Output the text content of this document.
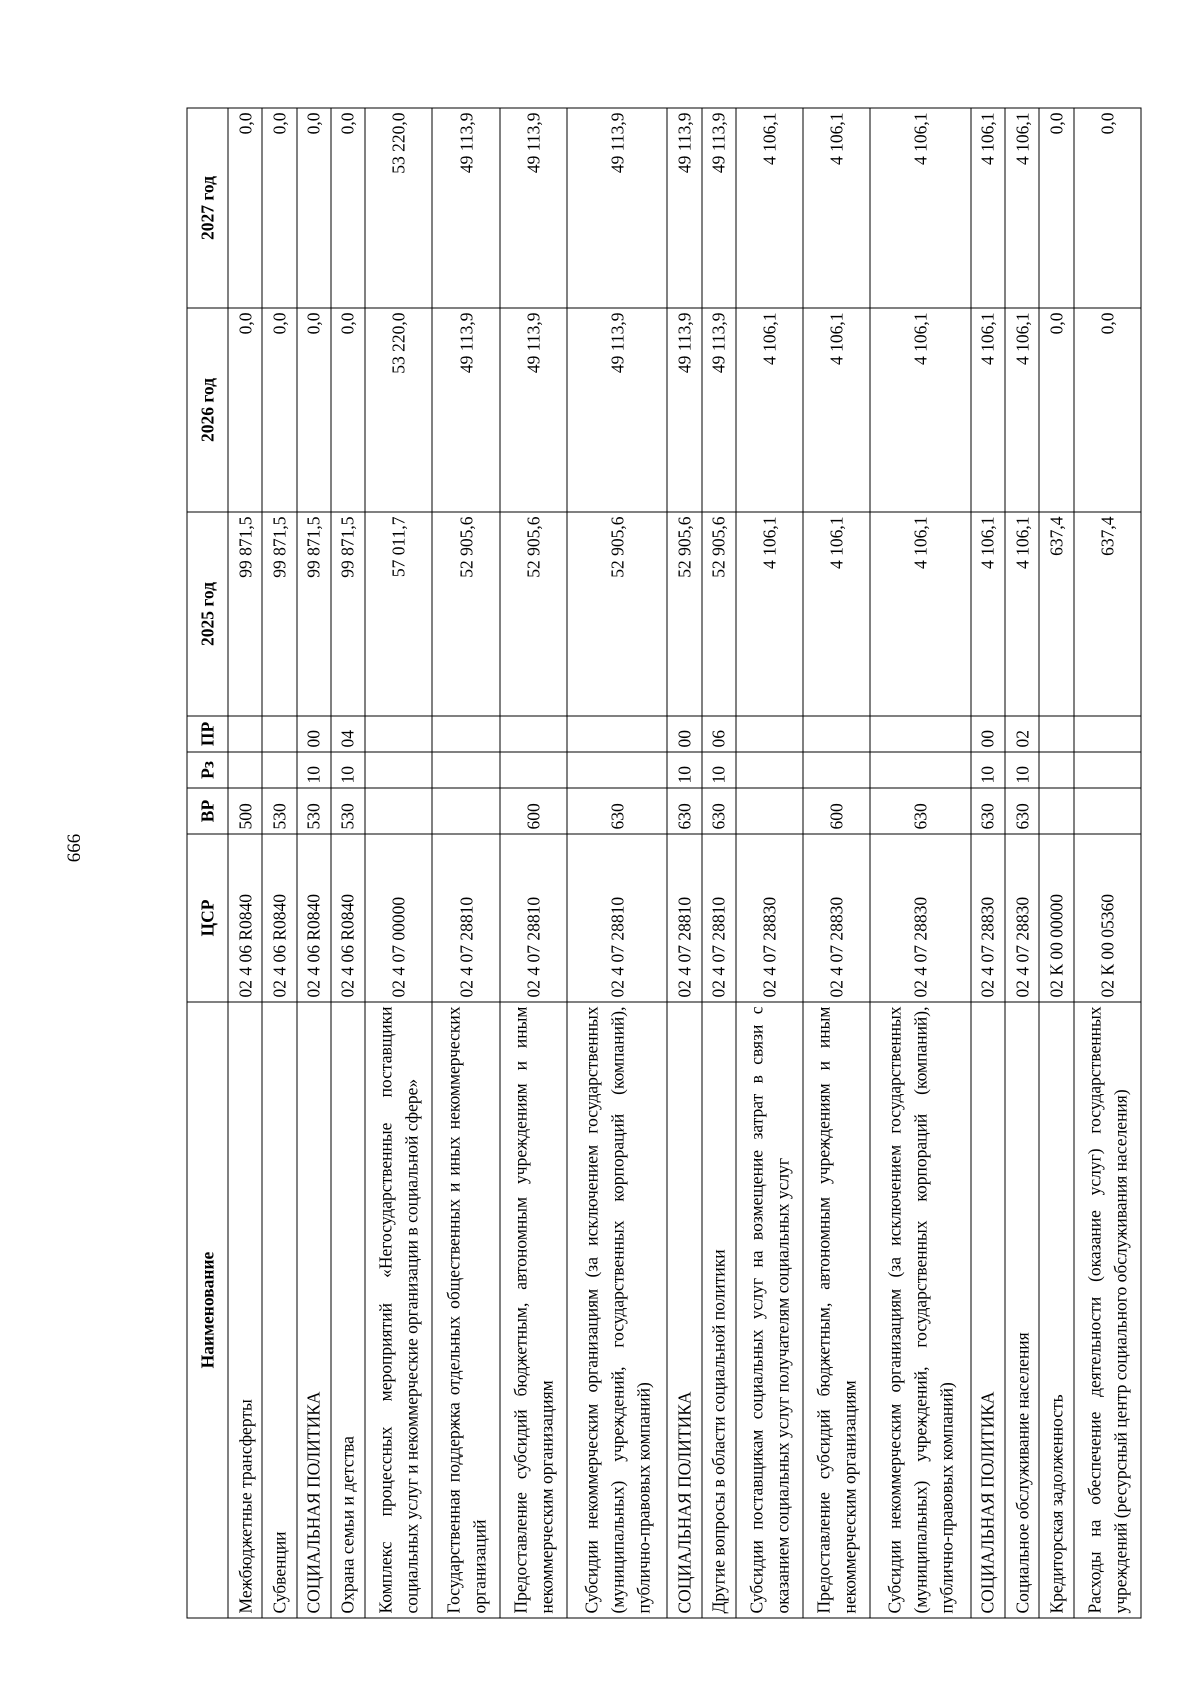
666
Наименование	ЦСР	ВР	Рз	ПР	2025 год	2026 год	2027 год
Межбюджетные трансферты	02 4 06 R0840	500			99 871,5	0,0	0,0
Субвенции	02 4 06 R0840	530			99 871,5	0,0	0,0
СОЦИАЛЬНАЯ ПОЛИТИКА	02 4 06 R0840	530	10	00	99 871,5	0,0	0,0
Охрана семьи и детства	02 4 06 R0840	530	10	04	99 871,5	0,0	0,0
Комплекс процессных мероприятий «Негосударственные поставщики социальных услуг и некоммерческие организации в социальной сфере»	02 4 07 00000				57 011,7	53 220,0	53 220,0
Государственная поддержка отдельных общественных и иных некоммерческих организаций	02 4 07 28810				52 905,6	49 113,9	49 113,9
Предоставление субсидий бюджетным, автономным учреждениям и иным некоммерческим организациям	02 4 07 28810	600			52 905,6	49 113,9	49 113,9
Субсидии некоммерческим организациям (за исключением государственных (муниципальных) учреждений, государственных корпораций (компаний), публично-правовых компаний)	02 4 07 28810	630			52 905,6	49 113,9	49 113,9
СОЦИАЛЬНАЯ ПОЛИТИКА	02 4 07 28810	630	10	00	52 905,6	49 113,9	49 113,9
Другие вопросы в области социальной политики	02 4 07 28810	630	10	06	52 905,6	49 113,9	49 113,9
Субсидии поставщикам социальных услуг на возмещение затрат в связи с оказанием социальных услуг получателям социальных услуг	02 4 07 28830				4 106,1	4 106,1	4 106,1
Предоставление субсидий бюджетным, автономным учреждениям и иным некоммерческим организациям	02 4 07 28830	600			4 106,1	4 106,1	4 106,1
Субсидии некоммерческим организациям (за исключением государственных (муниципальных) учреждений, государственных корпораций (компаний), публично-правовых компаний)	02 4 07 28830	630			4 106,1	4 106,1	4 106,1
СОЦИАЛЬНАЯ ПОЛИТИКА	02 4 07 28830	630	10	00	4 106,1	4 106,1	4 106,1
Социальное обслуживание населения	02 4 07 28830	630	10	02	4 106,1	4 106,1	4 106,1
Кредиторская задолженность	02 К 00 00000				637,4	0,0	0,0
Расходы на обеспечение деятельности (оказание услуг) государственных учреждений (ресурсный центр социального обслуживания населения)	02 К 00 05360				637,4	0,0	0,0
